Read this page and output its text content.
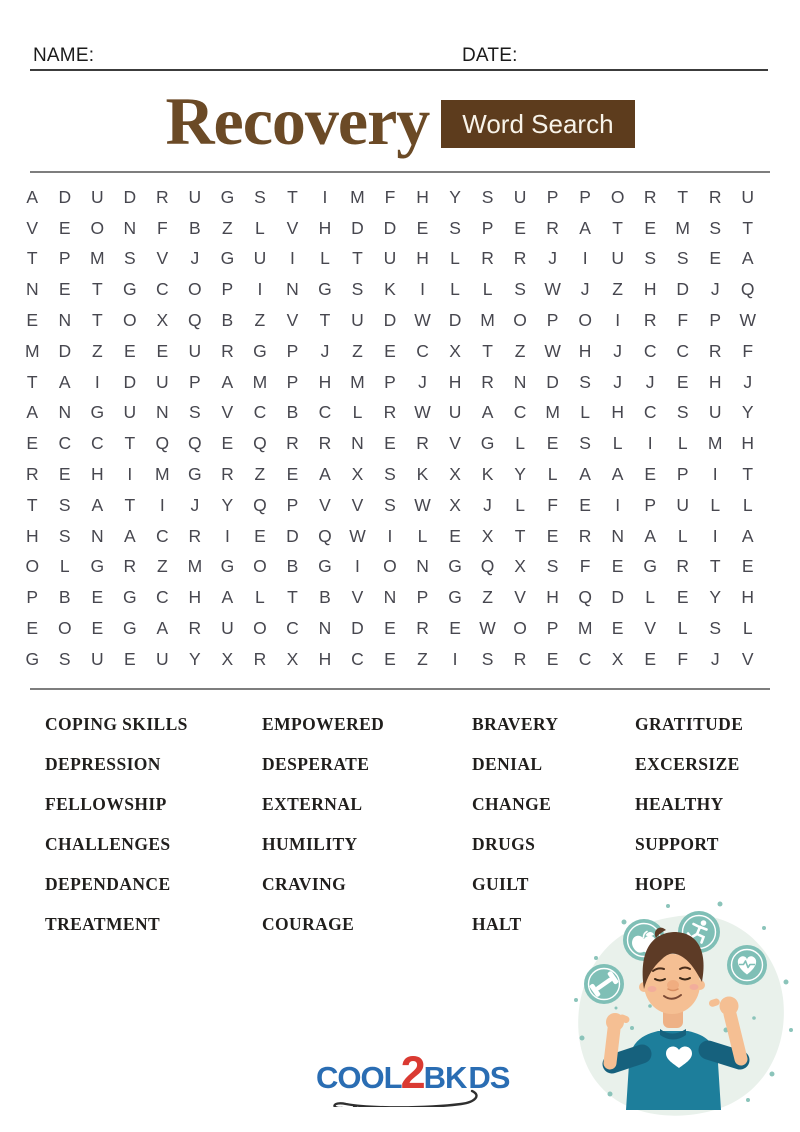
NAME:	DATE:
Recovery	Word Search
A	D	U	D	R	U	G	S	T	I	M	F	H	Y	S	U	P	P	O	R	T	R	U
V	E	O	N	F	B	Z	L	V	H	D	D	E	S	P	E	R	A	T	E	M	S	T
T	P	M	S	V	J	G	U	I	L	T	U	H	L	R	R	J	I	U	S	S	E	A
N	E	T	G	C	O	P	I	N	G	S	K	I	L	L	S	W	J	Z	H	D	J	Q
E	N	T	O	X	Q	B	Z	V	T	U	D	W	D	M	O	P	O	I	R	F	P	W
M	D	Z	E	E	U	R	G	P	J	Z	E	C	X	T	Z	W	H	J	C	C	R	F
T	A	I	D	U	P	A	M	P	H	M	P	J	H	R	N	D	S	J	J	E	H	J
A	N	G	U	N	S	V	C	B	C	L	R	W	U	A	C	M	L	H	C	S	U	Y
E	C	C	T	Q	Q	E	Q	R	R	N	E	R	V	G	L	E	S	L	I	L	M	H
R	E	H	I	M	G	R	Z	E	A	X	S	K	X	K	Y	L	A	A	E	P	I	T
T	S	A	T	I	J	Y	Q	P	V	V	S	W	X	J	L	F	E	I	P	U	L	L
H	S	N	A	C	R	I	E	D	Q W	I	L	E	X	T	E	R	N	A	L	I	A
O	L	G	R	Z	M	G	O	B	G	I	O	N	G	Q	X	S	F	E	G	R	T	E
P	B	E	G	C	H	A	L	T	B	V	N	P	G	Z	V	H	Q	D	L	E	Y	H
E	O	E	G	A	R	U	O	C	N	D	E	R	E	W O	P	M	E	V	L	S	L
G	S	U	E	U	Y	X	R	X	H	C	E	Z	I	S	R	E	C	X	E	F	J	V
COPING SKILLS
DEPRESSION
FELLOWSHIP
CHALLENGES
DEPENDANCE
TREATMENT
EMPOWERED
DESPERATE
EXTERNAL
HUMILITY
CRAVING
COURAGE
BRAVERY
DENIAL
CHANGE
DRUGS
GUILT
HALT
GRATITUDE
EXCERSIZE
HEALTHY
SUPPORT
HOPE
COOL 2 BK DS
